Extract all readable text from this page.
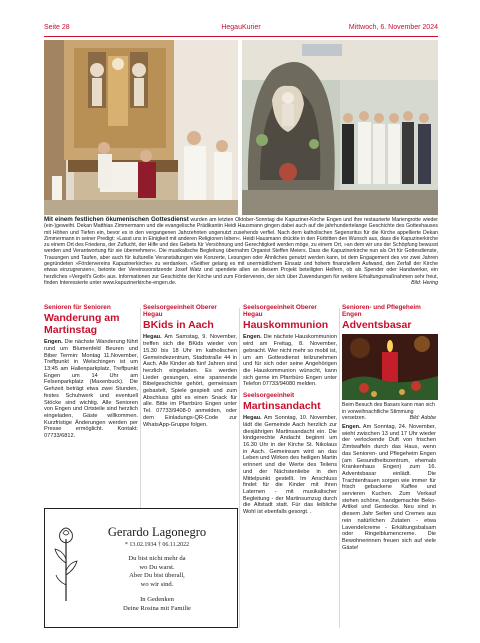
Seite 28	HegauKurier	Mittwoch, 6. November 2024
Mit einem festlichen ökumenischen Gottesdienst wurden am letzten Oktober-Sonntag die Kapuziner-Kirche Engen und ihre restaurierte Mariengrotte wieder (ein-)geweiht. Dekan Matthias Zimmermann und die evangelische Prädikantin Heidi Hausmann gingen dabei auch auf die jahrhundertelange Geschichte des Gotteshauses mit Höhen und Tiefen ein, bevor es in den vergangenen Jahrzehnten ungenutzt zusehends verfiel. Nach dem katholischen Segensritus für die Kirche appellierte Dekan Zimmermann in seiner Predigt: »Lasst uns in Einigkeit mit anderen Religionen leben«. Heidi Hausmann drückte in den Fürbitten den Wunsch aus, dass die Kapuzinerkirche zu einem Ort des Friedens, der Zuflucht, der Hilfe und des Gebets für Versöhnung und Gerechtigkeit werden möge, zu einem Ort, »an dem wir uns der Schöpfung bewusst werden und Verantwortung für sie übernehmen«. Die musikalische Begleitung übernahm Organist Steffen Meiers. Dass die Kapuzinerkirche nun als Ort für Gottesdienste, Trauungen und Taufen, aber auch für kulturelle Veranstaltungen wie Konzerte, Lesungen oder Ähnliches genutzt werden kann, ist dem Engagement des vor zwei Jahren gegründeten »Fördervereins Kapuzinerkirche« zu verdanken. »Seither gelang es mit unermüdlichem Einsatz und hohem finanziellem Aufwand, den Zerfall der Kirche etwas einzugrenzen«, betonte der Vereinsvorsitzende Josef Watz und spendete allen an diesem Projekt beteiligten Helfern, ob als Spender oder Handwerker, ein herzliches »Vergelt's Gott« aus. Informationen zur Geschichte der Kirche und zum Förderverein, der sich über Zuwendungen für weitere Erhaltungsmaßnahmen sehr freut, finden Interessierte unter www.kapuzinerkirche-engen.de.	Bild: Hering
Senioren für Senioren
Wanderung am Martinstag
Engen. Die nächste Wanderung führt rund um Blumenfeld Beuren und Biber Termin: Montag 11.November, Treffpunkt in Welschingen ist um 13:45 am Hallenparkplatz, Treffpunkt Engen um 14 Uhr am Felsenparkplatz (Maxenbuck). Die Gehzeit beträgt etwa zwei Stunden, festes Schuhwerk und eventuell Stöcke sind wichtig. Alle Senioren von Engen und Ortsteile sind herzlich eingeladen, Gäste willkommen. Kurzfristige Änderungen werden per Presse ermöglicht. Kontakt: 07733/6812.
Gerardo Lagonegro
* 13.02.1934 † 06.11.2022
Du bist nicht mehr da
wo Du warst.
Aber Du bist überall,
wo wir sind.
In Gedenken
Deine Rosina mit Familie
Seelsorgeeinheit Oberer Hegau
BKids in Aach
Hegau. Am Samstag, 9. November, treffen sich die BKids wieder von 15.30 bis 18 Uhr im katholischen Gemeindezentrum, Stadtstraße 44 in Aach. Alle Kinder ab fünf Jahren sind herzlich eingeladen. Es werden Lieder gesungen, eine spannende Bibelgeschichte gehört, gemeinsam gebastelt, Spiele gespielt und zum Abschluss gibt es einen Snack für alle. Bitte im Pfarrbüro Engen unter Tel. 07733/9408-0 anmelden, oder dem Einladungs-QR-Code zur WhatsApp-Gruppe folgen.
Seelsorgeeinheit Oberer Hegau
Hauskommunion
Engen. Die nächste Hauskommunion wird am Freitag, 8. November, gebracht. Wer nicht mehr so mobil ist, um am Gottesdienst teilzunehmen und für sich oder seine Angehörigen die Hauskommunion wünscht, kann sich gerne im Pfarrbüro Engen unter Telefon 07733/94080 melden.
Seelsorgeeinheit
Martinsandacht
Hegau. Am Sonntag, 10. November, lädt die Gemeinde Aach herzlich zur diesjährigen Martinsandacht ein. Die kindgerechte Andacht beginnt um 16.30 Uhr in der Kirche St. Nikolaus in Aach. Gemeinsam wird an das Leben und Wirken des heiligen Martin erinnert und die Werte des Teilens und der Nächstenliebe in den Mittelpunkt gestellt. Im Anschluss findet für die Kinder mit ihren Laternen - mit musikalischer Begleitung - der Martinsumzug durch die Altstadt statt. Für das leibliche Wohl ist ebenfalls gesorgt. .
Senioren- und Pflegeheim Engen
Adventsbasar
Beim Besuch des Basars kann man sich in vorweihnachtliche Stimmung versetzen.	Bild: Adobe
Engen. Am Sonntag, 24. November, wieht zwischen 13 und 17 Uhr wieder der verlockende Duft von frischen Zimtwaffeln durch das Haus, wenn das Senioren- und Pflegeheim Engen (am Gesundheitszentrum, ehemals Krankenhaus Engen) zum 16. Adventsbasar einlädt. Die Trachtenfrauen sorgen wie immer für frisch gebackene Kaffee und servieren Kuchen. Zum Verkauf stehen schöne, handgemachte Beko-Artikel und Gestecke. Neu sind in diesem Jahr Seifen und Cremes aus rein natürlichen Zutaten - etwa Lavendelcreme - Erkältungsbalsam oder Ringelblumencreme. Die Bewohnerinnen freuen sich auf viele Gäste!
